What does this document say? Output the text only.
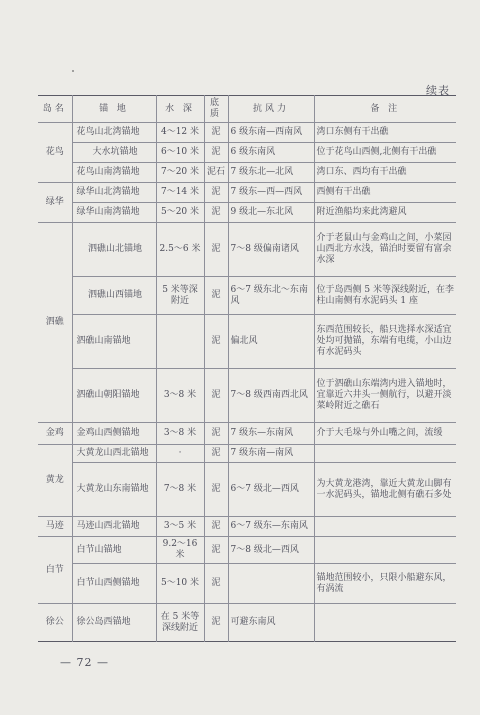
续表
岛名	锚 地	水 深	底质	抗风力	备 注
花鸟	花鸟山北湾锚地	4～12 米	泥	6 级东南—西南风	湾口东侧有干出礁
	大水坑锚地	6～10 米	泥	6 级东南风	位于花鸟山西侧,北侧有干出礁
	花鸟山南湾锚地	7～20 米	泥石	7 级东北—北风	湾口东、西均有干出礁
绿华	绿华山北湾锚地	7～14 米	泥	7 级东—西—西风	西侧有干出礁
	绿华山南湾锚地	5～20 米	泥	9 级北—东北风	附近渔船均来此湾避风
泗礁	泗礁山北锚地	2.5～6 米	泥	7～8 级偏南诸风	介于老鼠山与金鸡山之间，小菜园山西北方水浅，锚泊时要留有富余水深
	泗礁山西锚地	5 米等深附近	泥	6～7 级东北～东南风	位于岛西侧 5 米等深线附近，在李柱山南侧有水泥码头 1 座
	泗礁山南锚地		泥	偏北风	东西范围较长，船只选择水深适宜处均可抛锚，东端有电缆，小山边有水泥码头
	泗礁山朝阳锚地	3～8 米	泥	7～8 级西南西北风	位于泗礁山东端湾内进入锚地时，宜靠近六井头一侧航行，以避开淡菜岭附近之礁石
金鸡	金鸡山西侧锚地	3～8 米	泥	7 级东—东南风	介于大毛垛与外山嘴之间，流缓
黄龙	大黄龙山西北锚地	·	泥	7 级东南—南风	
	大黄龙山东南锚地	7～8 米	泥	6～7 级北—西风	为大黄龙港湾，靠近大黄龙山脚有一水泥码头，锚地北侧有礁石多处
马迹	马迹山西北锚地	3～5 米	泥	6～7 级东—东南风	
白节	白节山锚地	9.2～16 米	泥	7～8 级北—西风	
	白节山西侧锚地	5～10 米	泥		锚地范围较小，只限小船避东风，有涡流
徐公	徐公岛西锚地	在 5 米等深线附近	泥	可避东南风	
— 72 —
